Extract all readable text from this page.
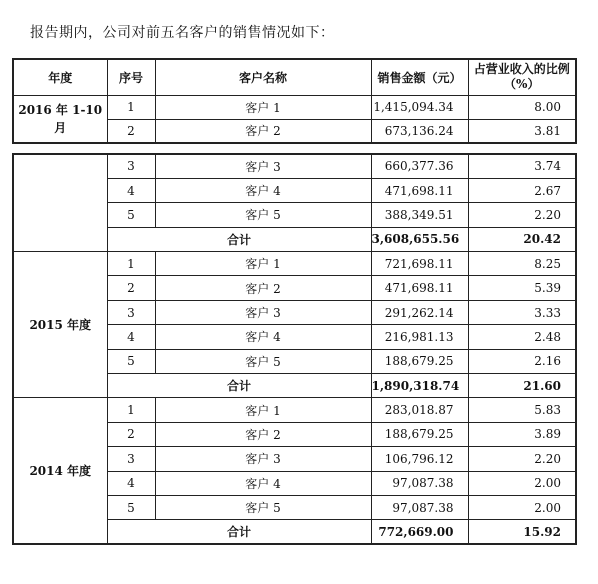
报告期内，公司对前五名客户的销售情况如下：
年度	序号	客户名称	销售金额（元）	占营业收入的比例（%）
2016 年 1-10 月	1	客户 1	1,415,094.34	8.00
	2	客户 2	673,136.24	3.81
	3	客户 3	660,377.36	3.74
	4	客户 4	471,698.11	2.67
	5	客户 5	388,349.51	2.20
	合计		3,608,655.56	20.42
2015 年度	1	客户 1	721,698.11	8.25
	2	客户 2	471,698.11	5.39
	3	客户 3	291,262.14	3.33
	4	客户 4	216,981.13	2.48
	5	客户 5	188,679.25	2.16
	合计		1,890,318.74	21.60
2014 年度	1	客户 1	283,018.87	5.83
	2	客户 2	188,679.25	3.89
	3	客户 3	106,796.12	2.20
	4	客户 4	97,087.38	2.00
	5	客户 5	97,087.38	2.00
	合计		772,669.00	15.92
